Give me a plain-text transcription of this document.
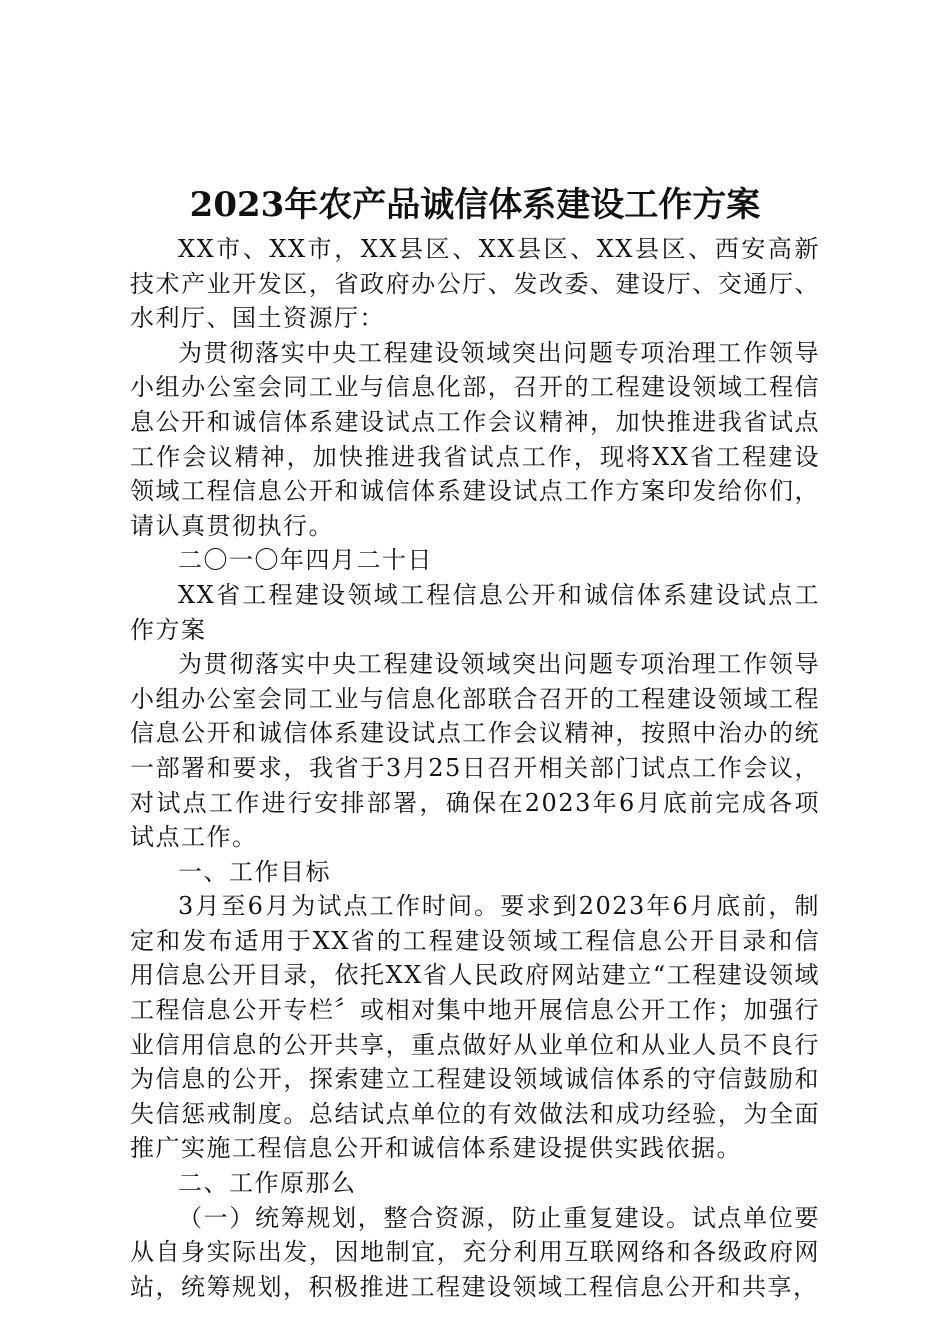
2023年农产品诚信体系建设工作方案

XX市、XX市，XX县区、XX县区、XX县区、西安高新技术产业开发区，省政府办公厅、发改委、建设厅、交通厅、水利厅、国土资源厅：

为贯彻落实中央工程建设领域突出问题专项治理工作领导小组办公室会同工业与信息化部，召开的工程建设领域工程信息公开和诚信体系建设试点工作会议精神，加快推进我省试点工作会议精神，加快推进我省试点工作，现将XX省工程建设领域工程信息公开和诚信体系建设试点工作方案印发给你们，请认真贯彻执行。

二〇一〇年四月二十日

XX省工程建设领域工程信息公开和诚信体系建设试点工作方案

为贯彻落实中央工程建设领域突出问题专项治理工作领导小组办公室会同工业与信息化部联合召开的工程建设领域工程信息公开和诚信体系建设试点工作会议精神，按照中治办的统一部署和要求，我省于3月25日召开相关部门试点工作会议，对试点工作进行安排部署，确保在2023年6月底前完成各项试点工作。

一、工作目标

3月至6月为试点工作时间。要求到2023年6月底前，制定和发布适用于XX省的工程建设领域工程信息公开目录和信用信息公开目录，依托XX省人民政府网站建立“工程建设领域工程信息公开专栏〞或相对集中地开展信息公开工作；加强行业信用信息的公开共享，重点做好从业单位和从业人员不良行为信息的公开，探索建立工程建设领域诚信体系的守信鼓励和失信惩戒制度。总结试点单位的有效做法和成功经验，为全面推广实施工程信息公开和诚信体系建设提供实践依据。

二、工作原那么

（一）统筹规划，整合资源，防止重复建设。试点单位要从自身实际出发，因地制宜，充分利用互联网络和各级政府网站，统筹规划，积极推进工程建设领域工程信息公开和共享，
